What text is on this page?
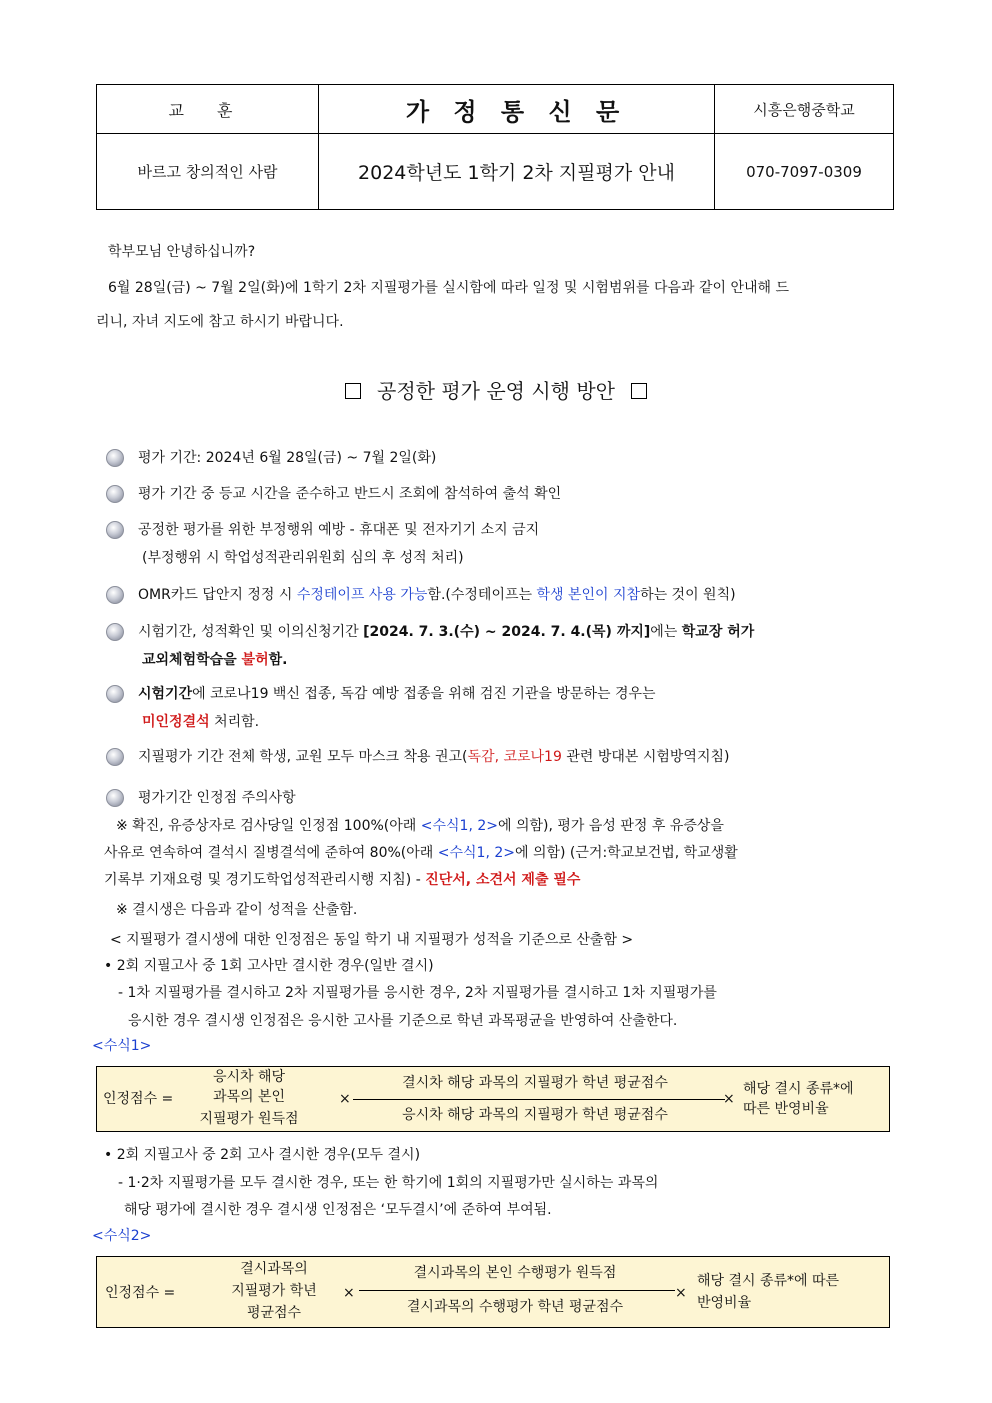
교 훈	가 정 통 신 문	시흥은행중학교
바르고 창의적인 사람	2024학년도 1학기 2차 지필평가 안내	070-7097-0309
학부모님 안녕하십니까?
6월 28일(금) ~ 7월 2일(화)에 1학기 2차 지필평가를 실시함에 따라 일정 및 시험범위를 다음과 같이 안내해 드
리니, 자녀 지도에 참고 하시기 바랍니다.
공정한 평가 운영 시행 방안
평가 기간: 2024년 6월 28일(금) ~ 7월 2일(화)
평가 기간 중 등교 시간을 준수하고 반드시 조회에 참석하여 출석 확인
공정한 평가를 위한 부정행위 예방 - 휴대폰 및 전자기기 소지 금지
(부정행위 시 학업성적관리위원회 심의 후 성적 처리)
OMR카드 답안지 정정 시 수정테이프 사용 가능함.(수정테이프는 학생 본인이 지참하는 것이 원칙)
시험기간, 성적확인 및 이의신청기간 [2024. 7. 3.(수) ~ 2024. 7. 4.(목) 까지]에는 학교장 허가
교외체험학습을 불허함.
시험기간에 코로나19 백신 접종, 독감 예방 접종을 위해 검진 기관을 방문하는 경우는
미인정결석 처리함.
지필평가 기간 전체 학생, 교원 모두 마스크 착용 권고(독감, 코로나19 관련 방대본 시험방역지침)
평가기간 인정점 주의사항
※ 확진, 유증상자로 검사당일 인정점 100%(아래 <수식1, 2>에 의함), 평가 음성 판정 후 유증상을
사유로 연속하여 결석시 질병결석에 준하여 80%(아래 <수식1, 2>에 의함) (근거:학교보건법, 학교생활
기록부 기재요령 및 경기도학업성적관리시행 지침) - 진단서, 소견서 제출 필수
※ 결시생은 다음과 같이 성적을 산출함.
< 지필평가 결시생에 대한 인정점은 동일 학기 내 지필평가 성적을 기준으로 산출함 >
• 2회 지필고사 중 1회 고사만 결시한 경우(일반 결시)
- 1차 지필평가를 결시하고 2차 지필평가를 응시한 경우, 2차 지필평가를 결시하고 1차 지필평가를
응시한 경우 결시생 인정점은 응시한 고사를 기준으로 학년 과목평균을 반영하여 산출한다.
<수식1>
인정점수 =
응시차 해당
과목의 본인
지필평가 원득점
×
결시차 해당 과목의 지필평가 학년 평균점수
응시차 해당 과목의 지필평가 학년 평균점수
×
해당 결시 종류*에
따른 반영비율
• 2회 지필고사 중 2회 고사 결시한 경우(모두 결시)
- 1·2차 지필평가를 모두 결시한 경우, 또는 한 학기에 1회의 지필평가만 실시하는 과목의
해당 평가에 결시한 경우 결시생 인정점은 ‘모두결시’에 준하여 부여됨.
<수식2>
인정점수 =
결시과목의
지필평가 학년
평균점수
×
결시과목의 본인 수행평가 원득점
결시과목의 수행평가 학년 평균점수
×
해당 결시 종류*에 따른
반영비율
